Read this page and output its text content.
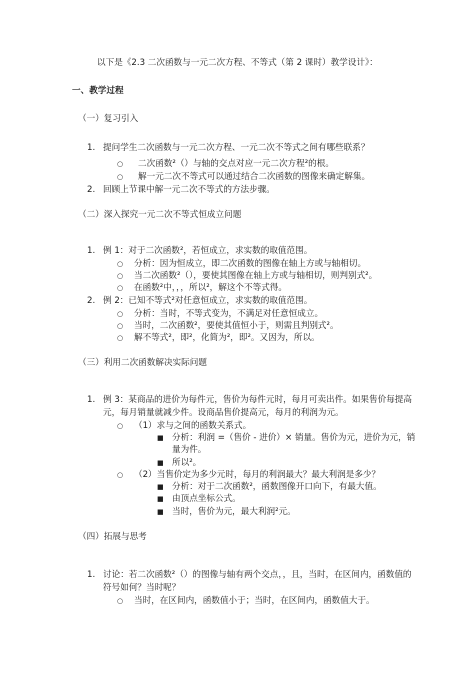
以下是《2.3 二次函数与一元二次方程、不等式（第 2 课时）教学设计》：
一、教学过程
（一）复习引入
1. 提问学生二次函数与一元二次方程、一元二次不等式之间有哪些联系？
○ 二次函数²（）与轴的交点对应一元二次方程²的根。
○ 解一元二次不等式可以通过结合二次函数的图像来确定解集。
2. 回顾上节课中解一元二次不等式的方法步骤。
（二）深入探究一元二次不等式恒成立问题
1. 例 1：对于二次函数²，若恒成立，求实数的取值范围。
○ 分析：因为恒成立，即二次函数的图像在轴上方或与轴相切。
○ 当二次函数²（），要使其图像在轴上方或与轴相切，则判别式²。
○ 在函数²中，，，所以²，解这个不等式得。
2. 例 2：已知不等式²对任意恒成立，求实数的取值范围。
○ 分析：当时，不等式变为，不满足对任意恒成立。
○ 当时，二次函数²，要使其值恒小于，则需且判别式²。
○ 解不等式²，即²，化简为²，即²。又因为，所以。
（三）利用二次函数解决实际问题
1. 例 3：某商品的进价为每件元，售价为每件元时，每月可卖出件。如果售价每提高
元，每月销量就减少件。设商品售价提高元，每月的利润为元。
○ （1）求与之间的函数关系式。
■ 分析：利润 =（售价 - 进价）× 销量。售价为元，进价为元，销
量为件。
■ 所以²。
○ （2）当售价定为多少元时，每月的利润最大？最大利润是多少？
■ 分析：对于二次函数²，函数图像开口向下，有最大值。
■ 由顶点坐标公式。
■ 当时，售价为元，最大利润²元。
（四）拓展与思考
1. 讨论：若二次函数²（）的图像与轴有两个交点，，且，当时，在区间内，函数值的
符号如何？当时呢？
○ 当时，在区间内，函数值小于；当时，在区间内，函数值大于。
